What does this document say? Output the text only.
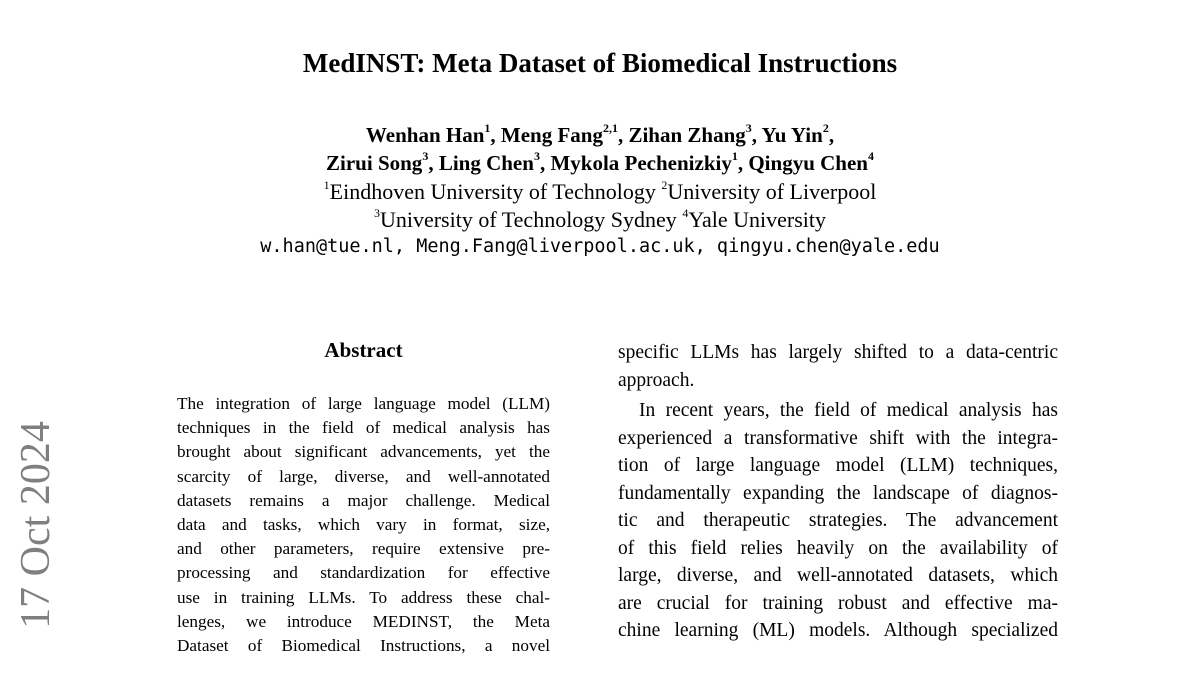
MedINST: Meta Dataset of Biomedical Instructions
Wenhan Han$^1$, Meng Fang$^{2,1}$, Zihan Zhang$^3$, Yu Yin$^2$,
Zirui Song$^3$, Ling Chen$^3$, Mykola Pechenizkiy$^1$, Qingyu Chen$^4$
$^1$Eindhoven University of Technology $^2$University of Liverpool
$^3$University of Technology Sydney $^4$Yale University
w.han@tue.nl, Meng.Fang@liverpool.ac.uk, qingyu.chen@yale.edu
Abstract
The integration of large language model (LLM)
techniques in the field of medical analysis has
brought about significant advancements, yet the
scarcity of large, diverse, and well-annotated
datasets remains a major challenge. Medical
data and tasks, which vary in format, size,
and other parameters, require extensive pre-
processing and standardization for effective
use in training LLMs. To address these chal-
lenges, we introduce MEDINST, the Meta
Dataset of Biomedical Instructions, a novel
specific LLMs has largely shifted to a data-centric
approach.
In recent years, the field of medical analysis has
experienced a transformative shift with the integra-
tion of large language model (LLM) techniques,
fundamentally expanding the landscape of diagnos-
tic and therapeutic strategies. The advancement
of this field relies heavily on the availability of
large, diverse, and well-annotated datasets, which
are crucial for training robust and effective ma-
chine learning (ML) models. Although specialized
17 Oct 2024
